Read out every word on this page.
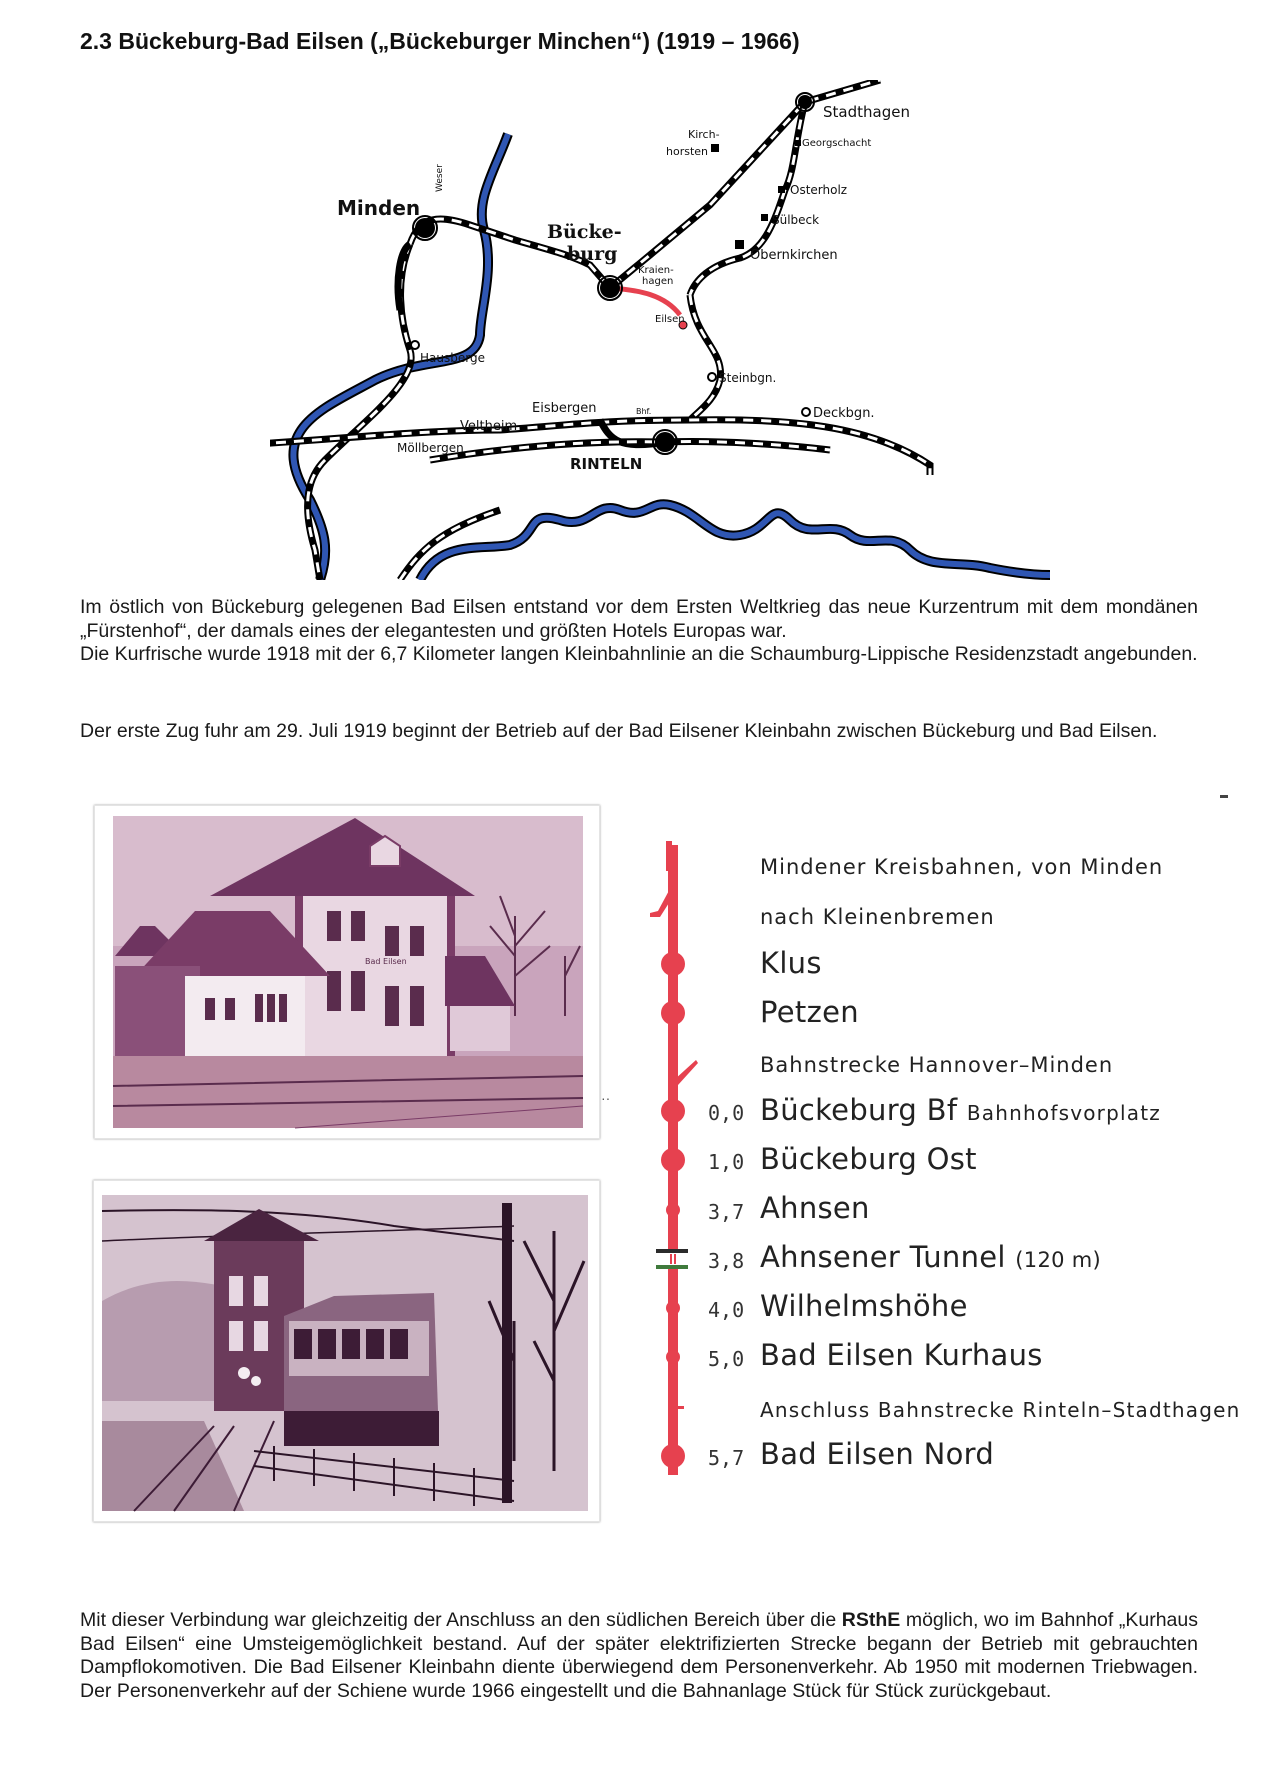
2.3 Bückeburg-Bad Eilsen („Bückeburger Minchen“) (1919 – 1966)
Stadthagen
Georgschacht
Kirch-
horsten
Osterholz
Sülbeck
Obernkirchen
Minden
Weser
Bücke-
burg
Kraien-
hagen
Eilsen
Hausberge
Steinbgn.
Deckbgn.
Eisbergen	Bhf.
Veltheim
Möllbergen
RINTELN

Im östlich von Bückeburg gelegenen Bad Eilsen entstand vor dem Ersten Weltkrieg das neue Kurzentrum mit dem mondänen „Fürstenhof“, der damals eines der elegantesten und größten Hotels Europas war.

Die Kurfrische wurde 1918 mit der 6,7 Kilometer langen Kleinbahnlinie an die Schaumburg-Lippische Residenzstadt angebunden.

Der erste Zug fuhr am 29. Juli 1919 beginnt der Betrieb auf der Bad Eilsener Kleinbahn zwischen Bückeburg und Bad Eilsen.

Bad Eilsen
··
Mindener Kreisbahnen, von Minden
nach Kleinenbremen
Bahnstrecke Hannover–Minden
Anschluss Bahnstrecke Rinteln–Stadthagen
Klus
Petzen
0,0 Bückeburg Bf Bahnhofsvorplatz
1,0 Bückeburg Ost
3,7 Ahnsen
3,8 Ahnsener Tunnel (120 m)
4,0 Wilhelmshöhe
5,0 Bad Eilsen Kurhaus
5,7 Bad Eilsen Nord

Mit dieser Verbindung war gleichzeitig der Anschluss an den südlichen Bereich über die RSthE möglich, wo im Bahnhof „Kurhaus Bad Eilsen“ eine Umsteigemöglichkeit bestand. Auf der später elektrifizierten Strecke begann der Betrieb mit gebrauchten Dampflokomotiven. Die Bad Eilsener Kleinbahn diente überwiegend dem Personenverkehr. Ab 1950 mit modernen Triebwagen. Der Personenverkehr auf der Schiene wurde 1966 eingestellt und die Bahnanlage Stück für Stück zurückgebaut.
